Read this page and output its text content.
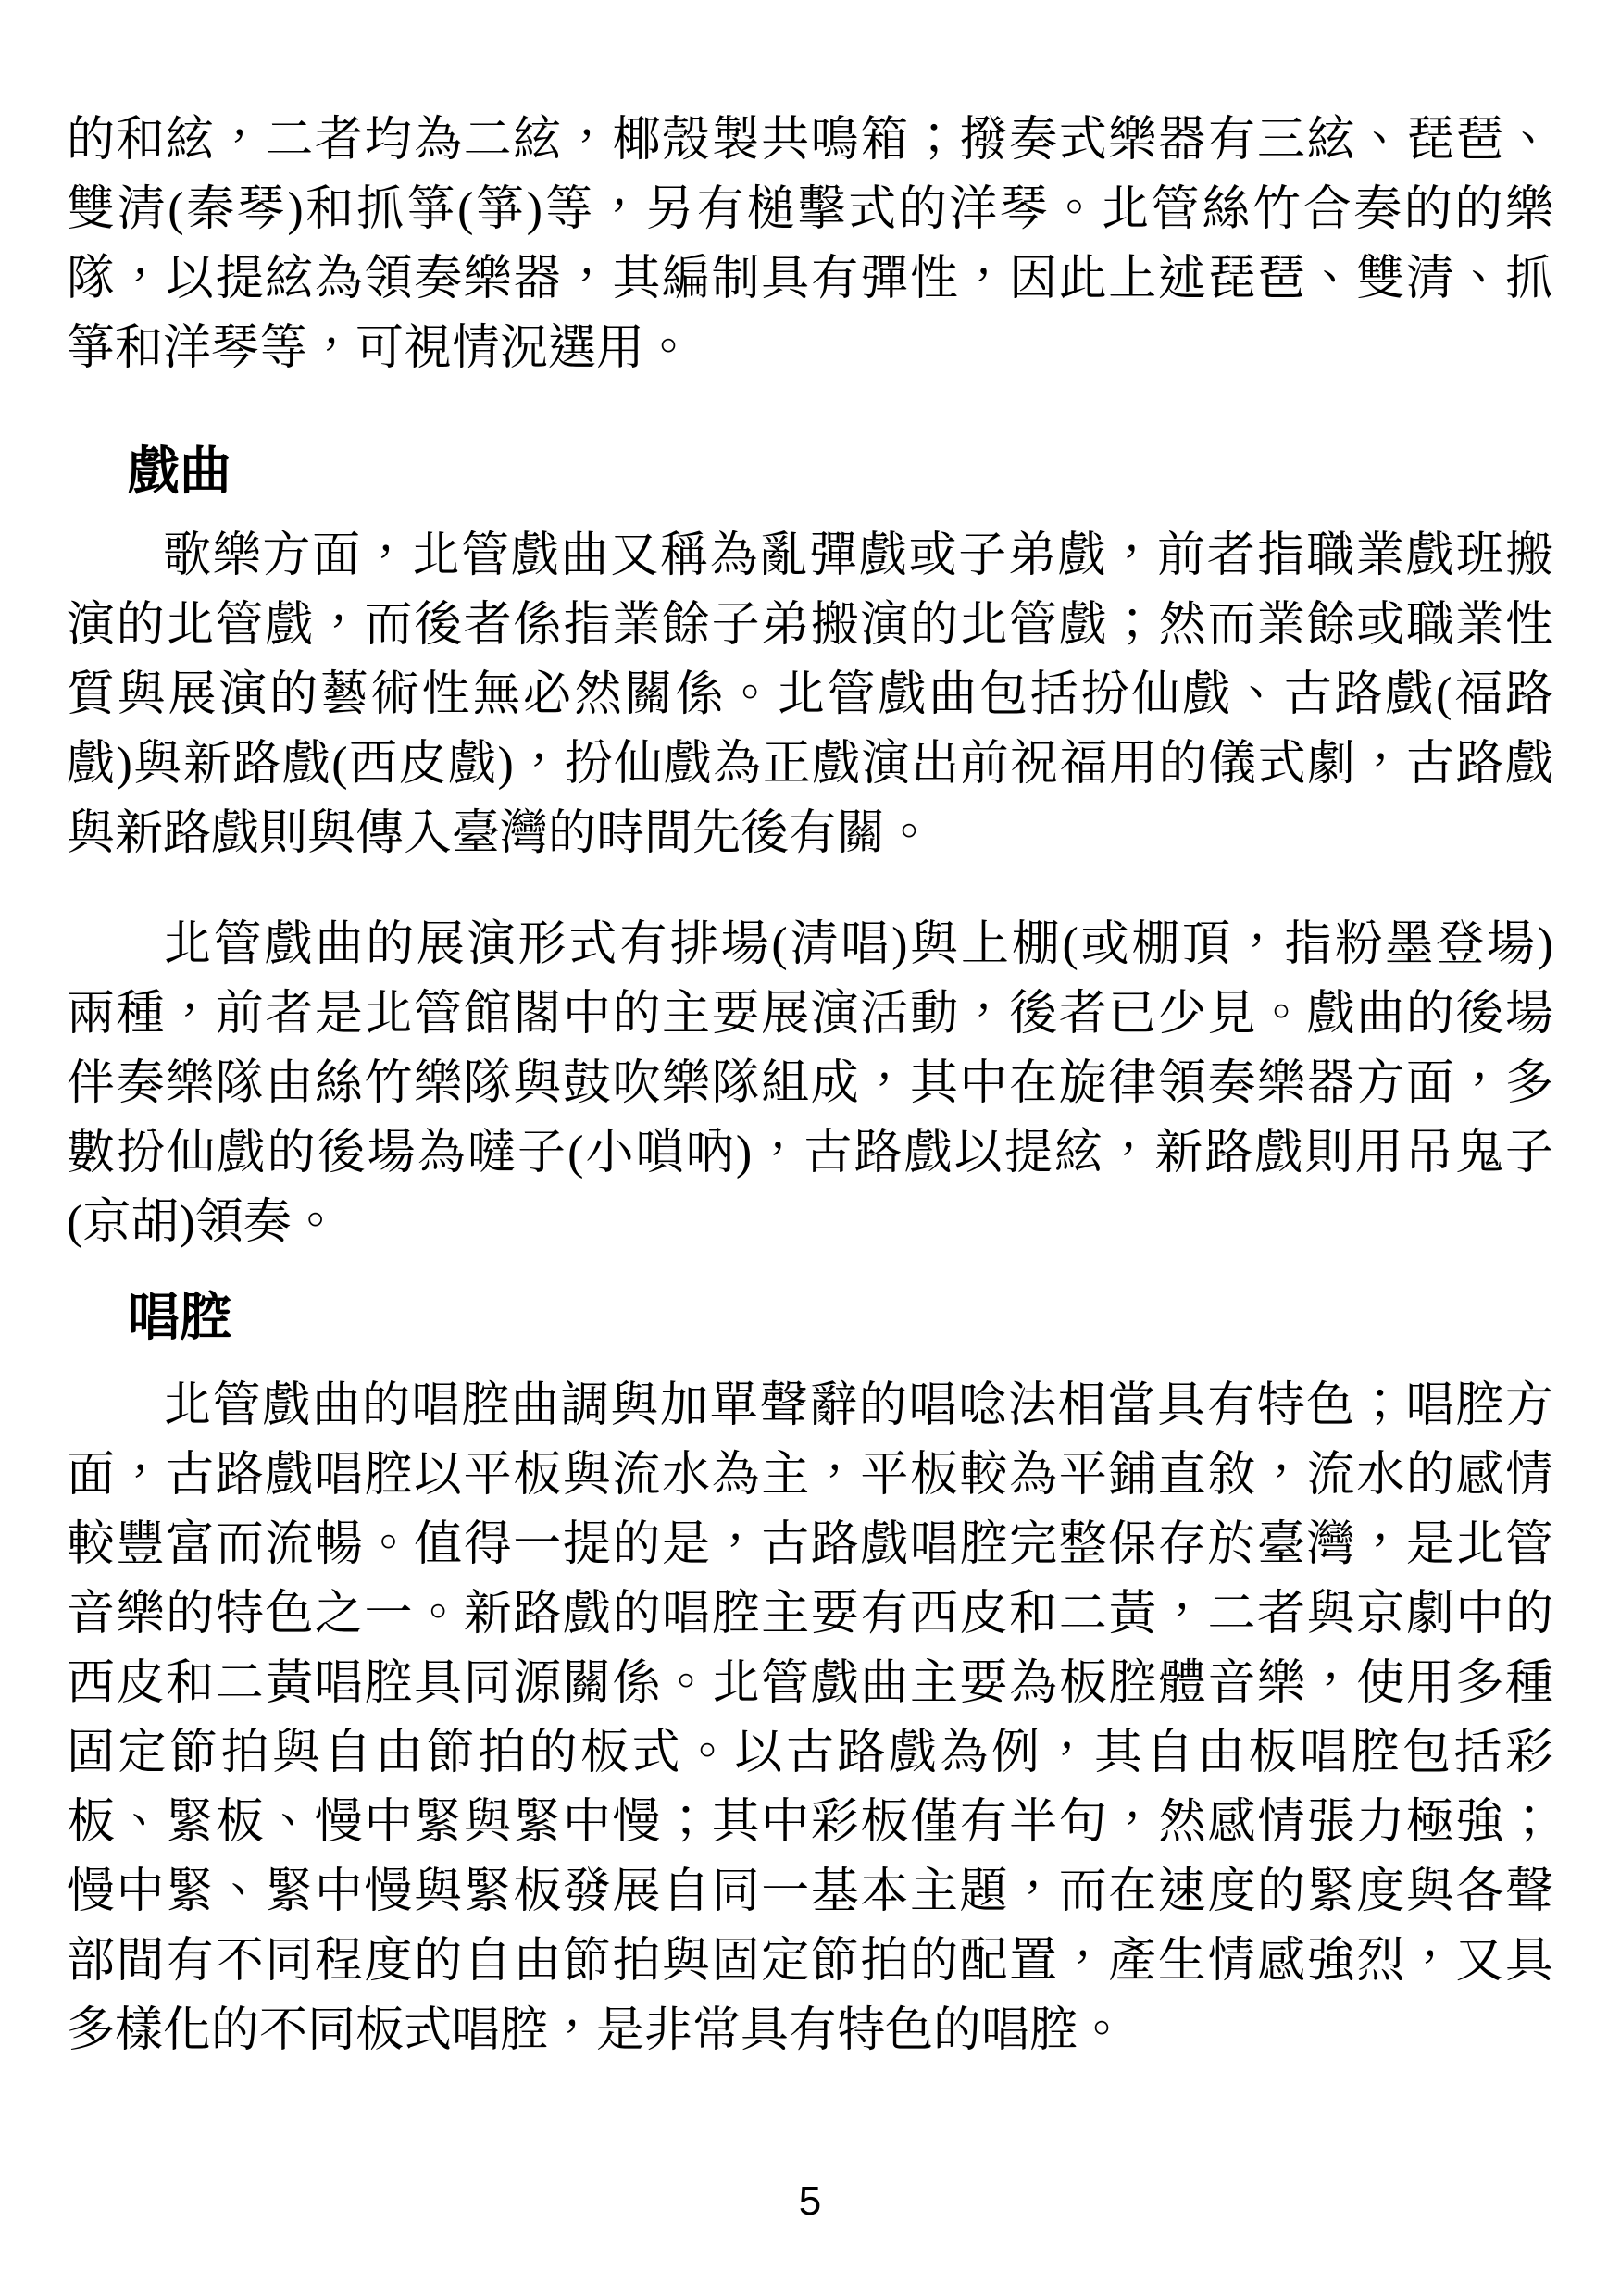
的和絃，二者均為二絃，椰殼製共鳴箱；撥奏式樂器有三絃、琵琶、
雙清(秦琴)和抓箏(箏)等，另有槌擊式的洋琴。北管絲竹合奏的的樂
隊，以提絃為領奏樂器，其編制具有彈性，因此上述琵琶、雙清、抓
箏和洋琴等，可視情況選用。
戲曲
歌樂方面，北管戲曲又稱為亂彈戲或子弟戲，前者指職業戲班搬
演的北管戲，而後者係指業餘子弟搬演的北管戲；然而業餘或職業性
質與展演的藝術性無必然關係。北管戲曲包括扮仙戲、古路戲(福路
戲)與新路戲(西皮戲)，扮仙戲為正戲演出前祝福用的儀式劇，古路戲
與新路戲則與傳入臺灣的時間先後有關。
北管戲曲的展演形式有排場(清唱)與上棚(或棚頂，指粉墨登場)
兩種，前者是北管館閣中的主要展演活動，後者已少見。戲曲的後場
伴奏樂隊由絲竹樂隊與鼓吹樂隊組成，其中在旋律領奏樂器方面，多
數扮仙戲的後場為噠子(小嗩吶)，古路戲以提絃，新路戲則用吊鬼子
(京胡)領奏。
唱腔
北管戲曲的唱腔曲調與加單聲辭的唱唸法相當具有特色；唱腔方
面，古路戲唱腔以平板與流水為主，平板較為平鋪直敘，流水的感情
較豐富而流暢。值得一提的是，古路戲唱腔完整保存於臺灣，是北管
音樂的特色之一。新路戲的唱腔主要有西皮和二黃，二者與京劇中的
西皮和二黃唱腔具同源關係。北管戲曲主要為板腔體音樂，使用多種
固定節拍與自由節拍的板式。以古路戲為例，其自由板唱腔包括彩
板、緊板、慢中緊與緊中慢；其中彩板僅有半句，然感情張力極強；
慢中緊、緊中慢與緊板發展自同一基本主題，而在速度的緊度與各聲
部間有不同程度的自由節拍與固定節拍的配置，產生情感強烈，又具
多樣化的不同板式唱腔，是非常具有特色的唱腔。
5
